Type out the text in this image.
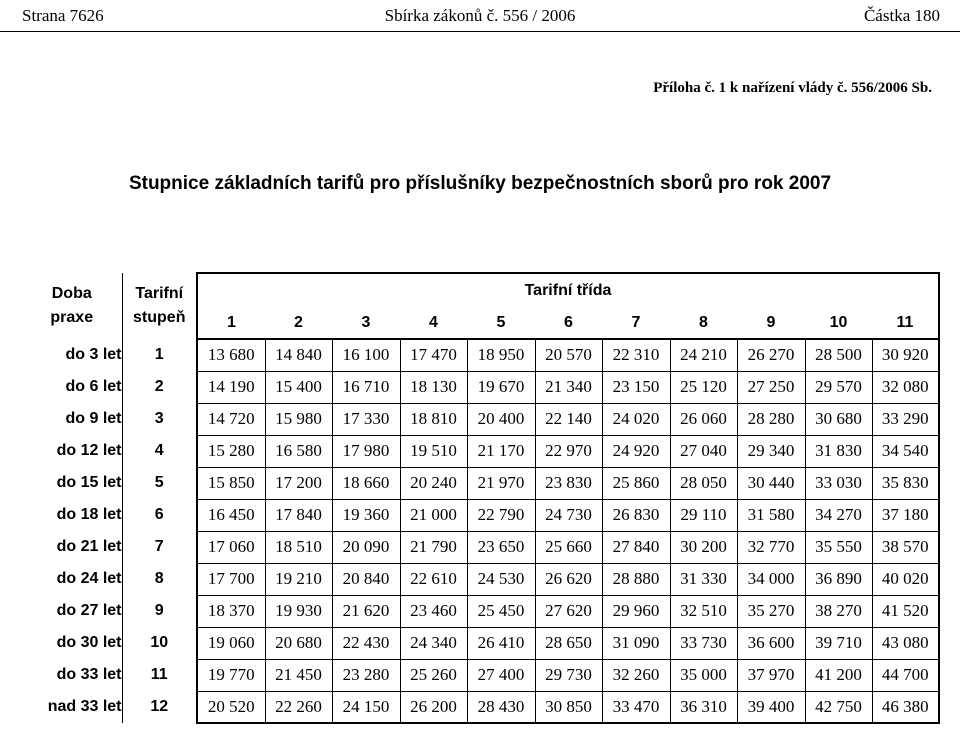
Strana 7626	Sbírka zákonů č. 556 / 2006	Částka 180
Příloha č. 1 k nařízení vlády č. 556/2006 Sb.
Stupnice základních tarifů pro příslušníky bezpečnostních sborů pro rok 2007
Doba praxe	Tarifní stupeň	Tarifní třída										
		1	2	3	4	5	6	7	8	9	10	11
do 3 let	1	13 680	14 840	16 100	17 470	18 950	20 570	22 310	24 210	26 270	28 500	30 920
do 6 let	2	14 190	15 400	16 710	18 130	19 670	21 340	23 150	25 120	27 250	29 570	32 080
do 9 let	3	14 720	15 980	17 330	18 810	20 400	22 140	24 020	26 060	28 280	30 680	33 290
do 12 let	4	15 280	16 580	17 980	19 510	21 170	22 970	24 920	27 040	29 340	31 830	34 540
do 15 let	5	15 850	17 200	18 660	20 240	21 970	23 830	25 860	28 050	30 440	33 030	35 830
do 18 let	6	16 450	17 840	19 360	21 000	22 790	24 730	26 830	29 110	31 580	34 270	37 180
do 21 let	7	17 060	18 510	20 090	21 790	23 650	25 660	27 840	30 200	32 770	35 550	38 570
do 24 let	8	17 700	19 210	20 840	22 610	24 530	26 620	28 880	31 330	34 000	36 890	40 020
do 27 let	9	18 370	19 930	21 620	23 460	25 450	27 620	29 960	32 510	35 270	38 270	41 520
do 30 let	10	19 060	20 680	22 430	24 340	26 410	28 650	31 090	33 730	36 600	39 710	43 080
do 33 let	11	19 770	21 450	23 280	25 260	27 400	29 730	32 260	35 000	37 970	41 200	44 700
nad 33 let	12	20 520	22 260	24 150	26 200	28 430	30 850	33 470	36 310	39 400	42 750	46 380
